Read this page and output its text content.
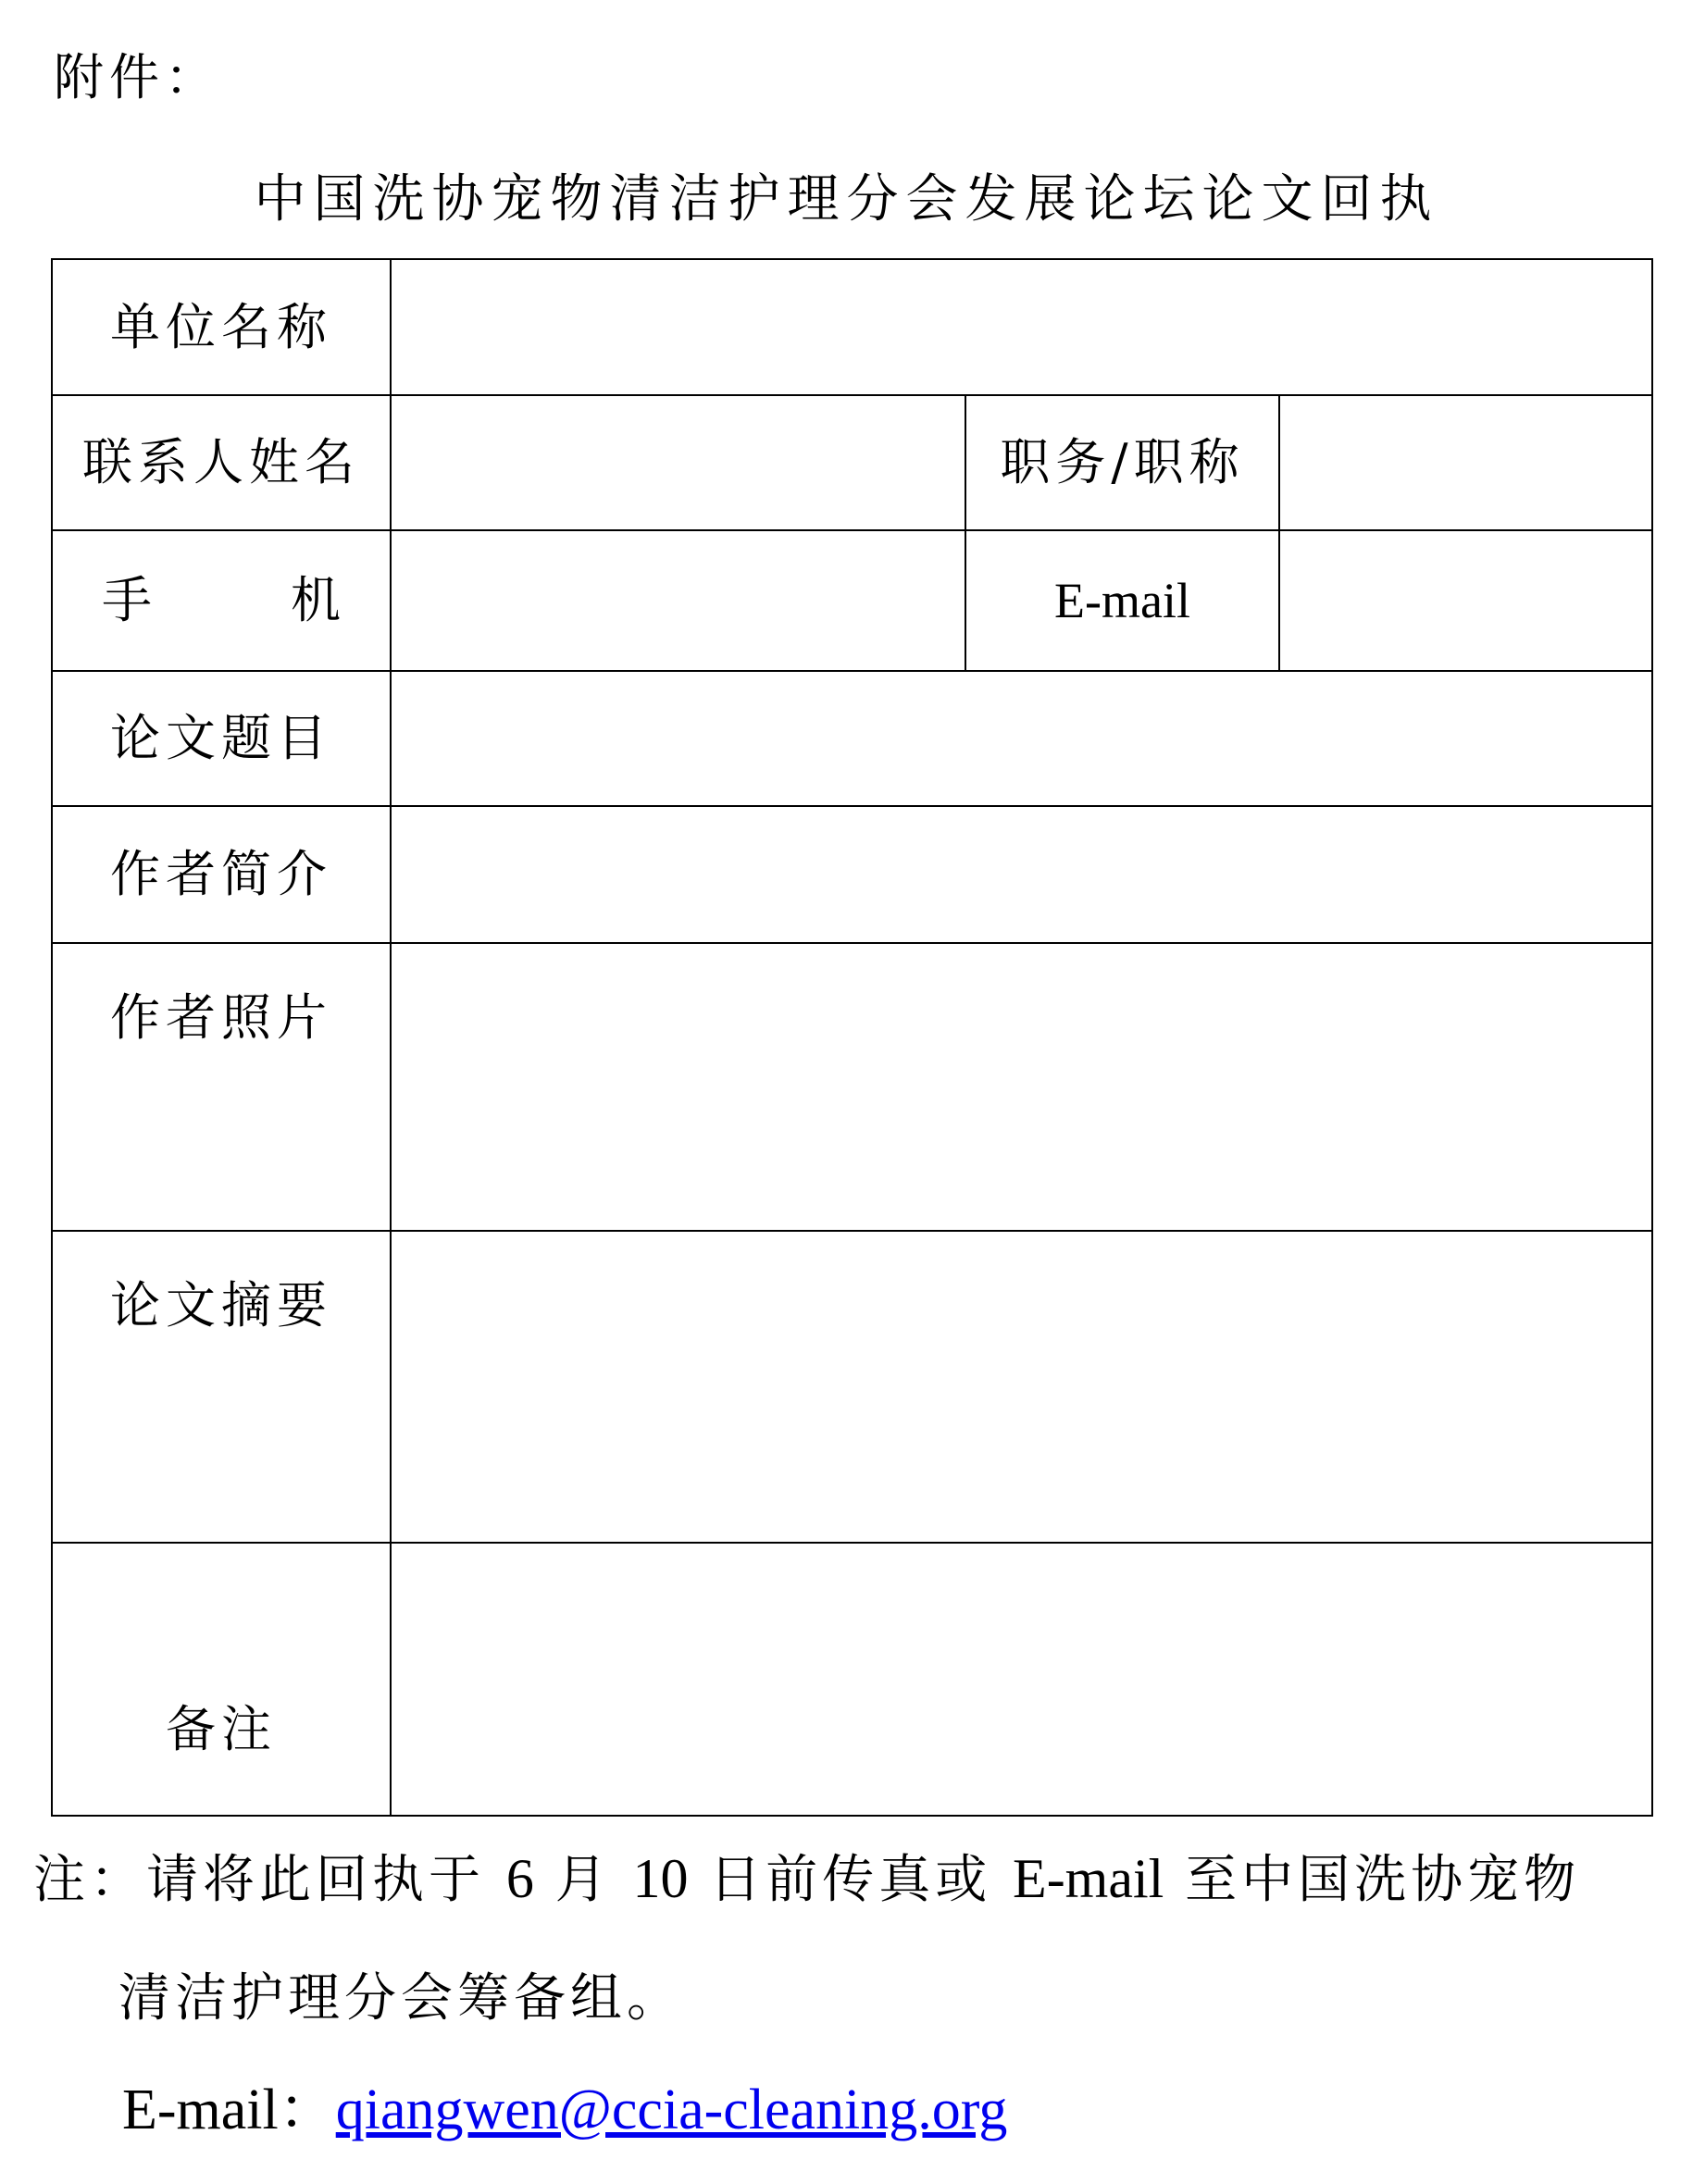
附件：
中国洗协宠物清洁护理分会发展论坛论文回执
单位名称			
联系人姓名		职务/职称	
手 机		E-mail	
论文题目			
作者简介			
作者照片			
论文摘要			
备注			
注：请将此回执于 6 月 10 日前传真或 E-mail 至中国洗协宠物
清洁护理分会筹备组。
E-mail：qiangwen@ccia-cleaning.org
